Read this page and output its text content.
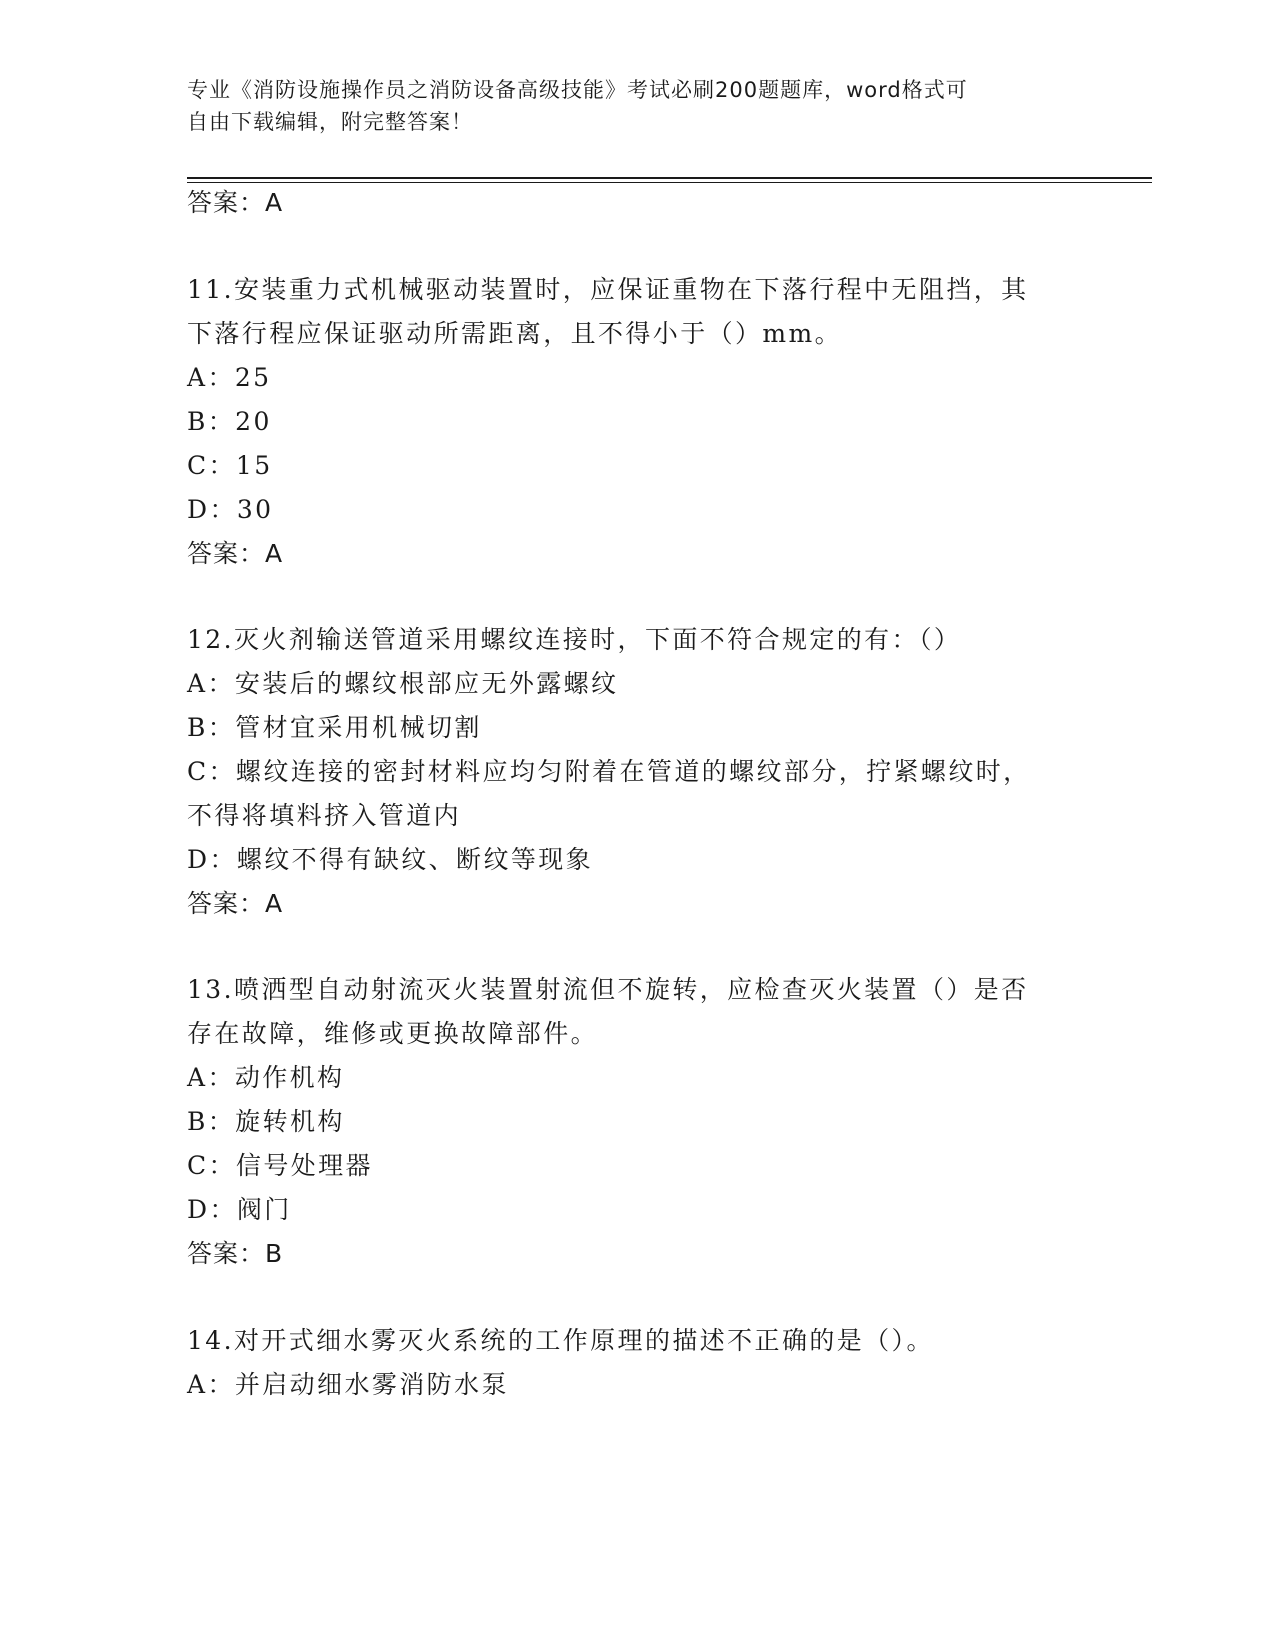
专业《消防设施操作员之消防设备高级技能》考试必刷200题题库，word格式可
自由下载编辑，附完整答案！
答案：A
11.安装重力式机械驱动装置时，应保证重物在下落行程中无阻挡，其
下落行程应保证驱动所需距离，且不得小于（）mm。
A：25
B：20
C：15
D：30
答案：A
12.灭火剂输送管道采用螺纹连接时，下面不符合规定的有：（）
A：安装后的螺纹根部应无外露螺纹
B：管材宜采用机械切割
C：螺纹连接的密封材料应均匀附着在管道的螺纹部分，拧紧螺纹时，
不得将填料挤入管道内
D：螺纹不得有缺纹、断纹等现象
答案：A
13.喷洒型自动射流灭火装置射流但不旋转，应检查灭火装置（）是否
存在故障，维修或更换故障部件。
A：动作机构
B：旋转机构
C：信号处理器
D：阀门
答案：B
14.对开式细水雾灭火系统的工作原理的描述不正确的是（）。
A：并启动细水雾消防水泵
